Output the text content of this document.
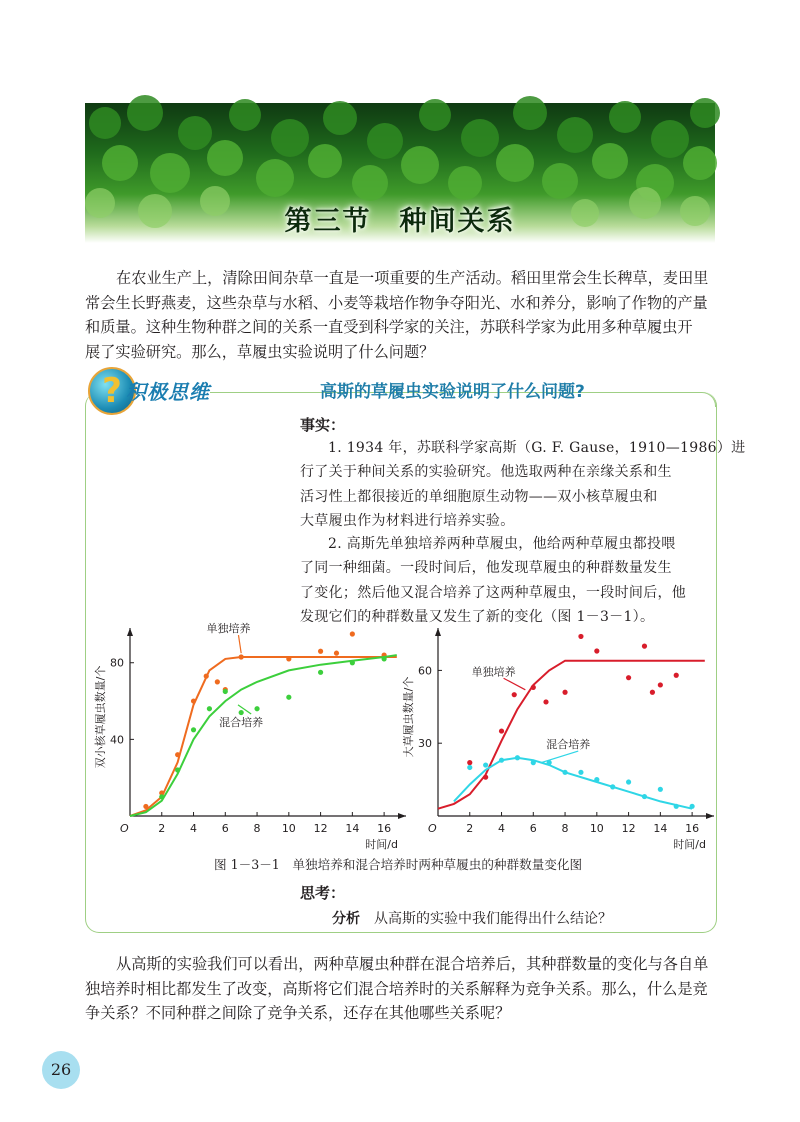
第三节 种间关系
在农业生产上，清除田间杂草一直是一项重要的生产活动。稻田里常会生长稗草，麦田里
常会生长野燕麦，这些杂草与水稻、小麦等栽培作物争夺阳光、水和养分，影响了作物的产量
和质量。这种生物种群之间的关系一直受到科学家的关注，苏联科学家为此用多种草履虫开
展了实验研究。那么，草履虫实验说明了什么问题？
? 积极思维	高斯的草履虫实验说明了什么问题?
事实：
1. 1934 年，苏联科学家高斯（G. F. Gause，1910—1986）进
行了关于种间关系的实验研究。他选取两种在亲缘关系和生
活习性上都很接近的单细胞原生动物——双小核草履虫和
大草履虫作为材料进行培养实验。
2. 高斯先单独培养两种草履虫，他给两种草履虫都投喂
了同一种细菌。一段时间后，他发现草履虫的种群数量发生
了变化；然后他又混合培养了这两种草履虫，一段时间后，他
发现它们的种群数量又发生了新的变化（图 1－3－1）。
O	2 4 6 8 10 12 14 16
40
80
时间/d
双小核草履虫数量/个
单独培养
混合培养
O	2 4 6 8 10 12 14 16
30
60
时间/d
大草履虫数量/个
单独培养
混合培养
图 1－3－1　单独培养和混合培养时两种草履虫的种群数量变化图
思考：
分析 从高斯的实验中我们能得出什么结论？
从高斯的实验我们可以看出，两种草履虫种群在混合培养后，其种群数量的变化与各自单
独培养时相比都发生了改变，高斯将它们混合培养时的关系解释为竞争关系。那么，什么是竞
争关系？不同种群之间除了竞争关系，还存在其他哪些关系呢？
26
